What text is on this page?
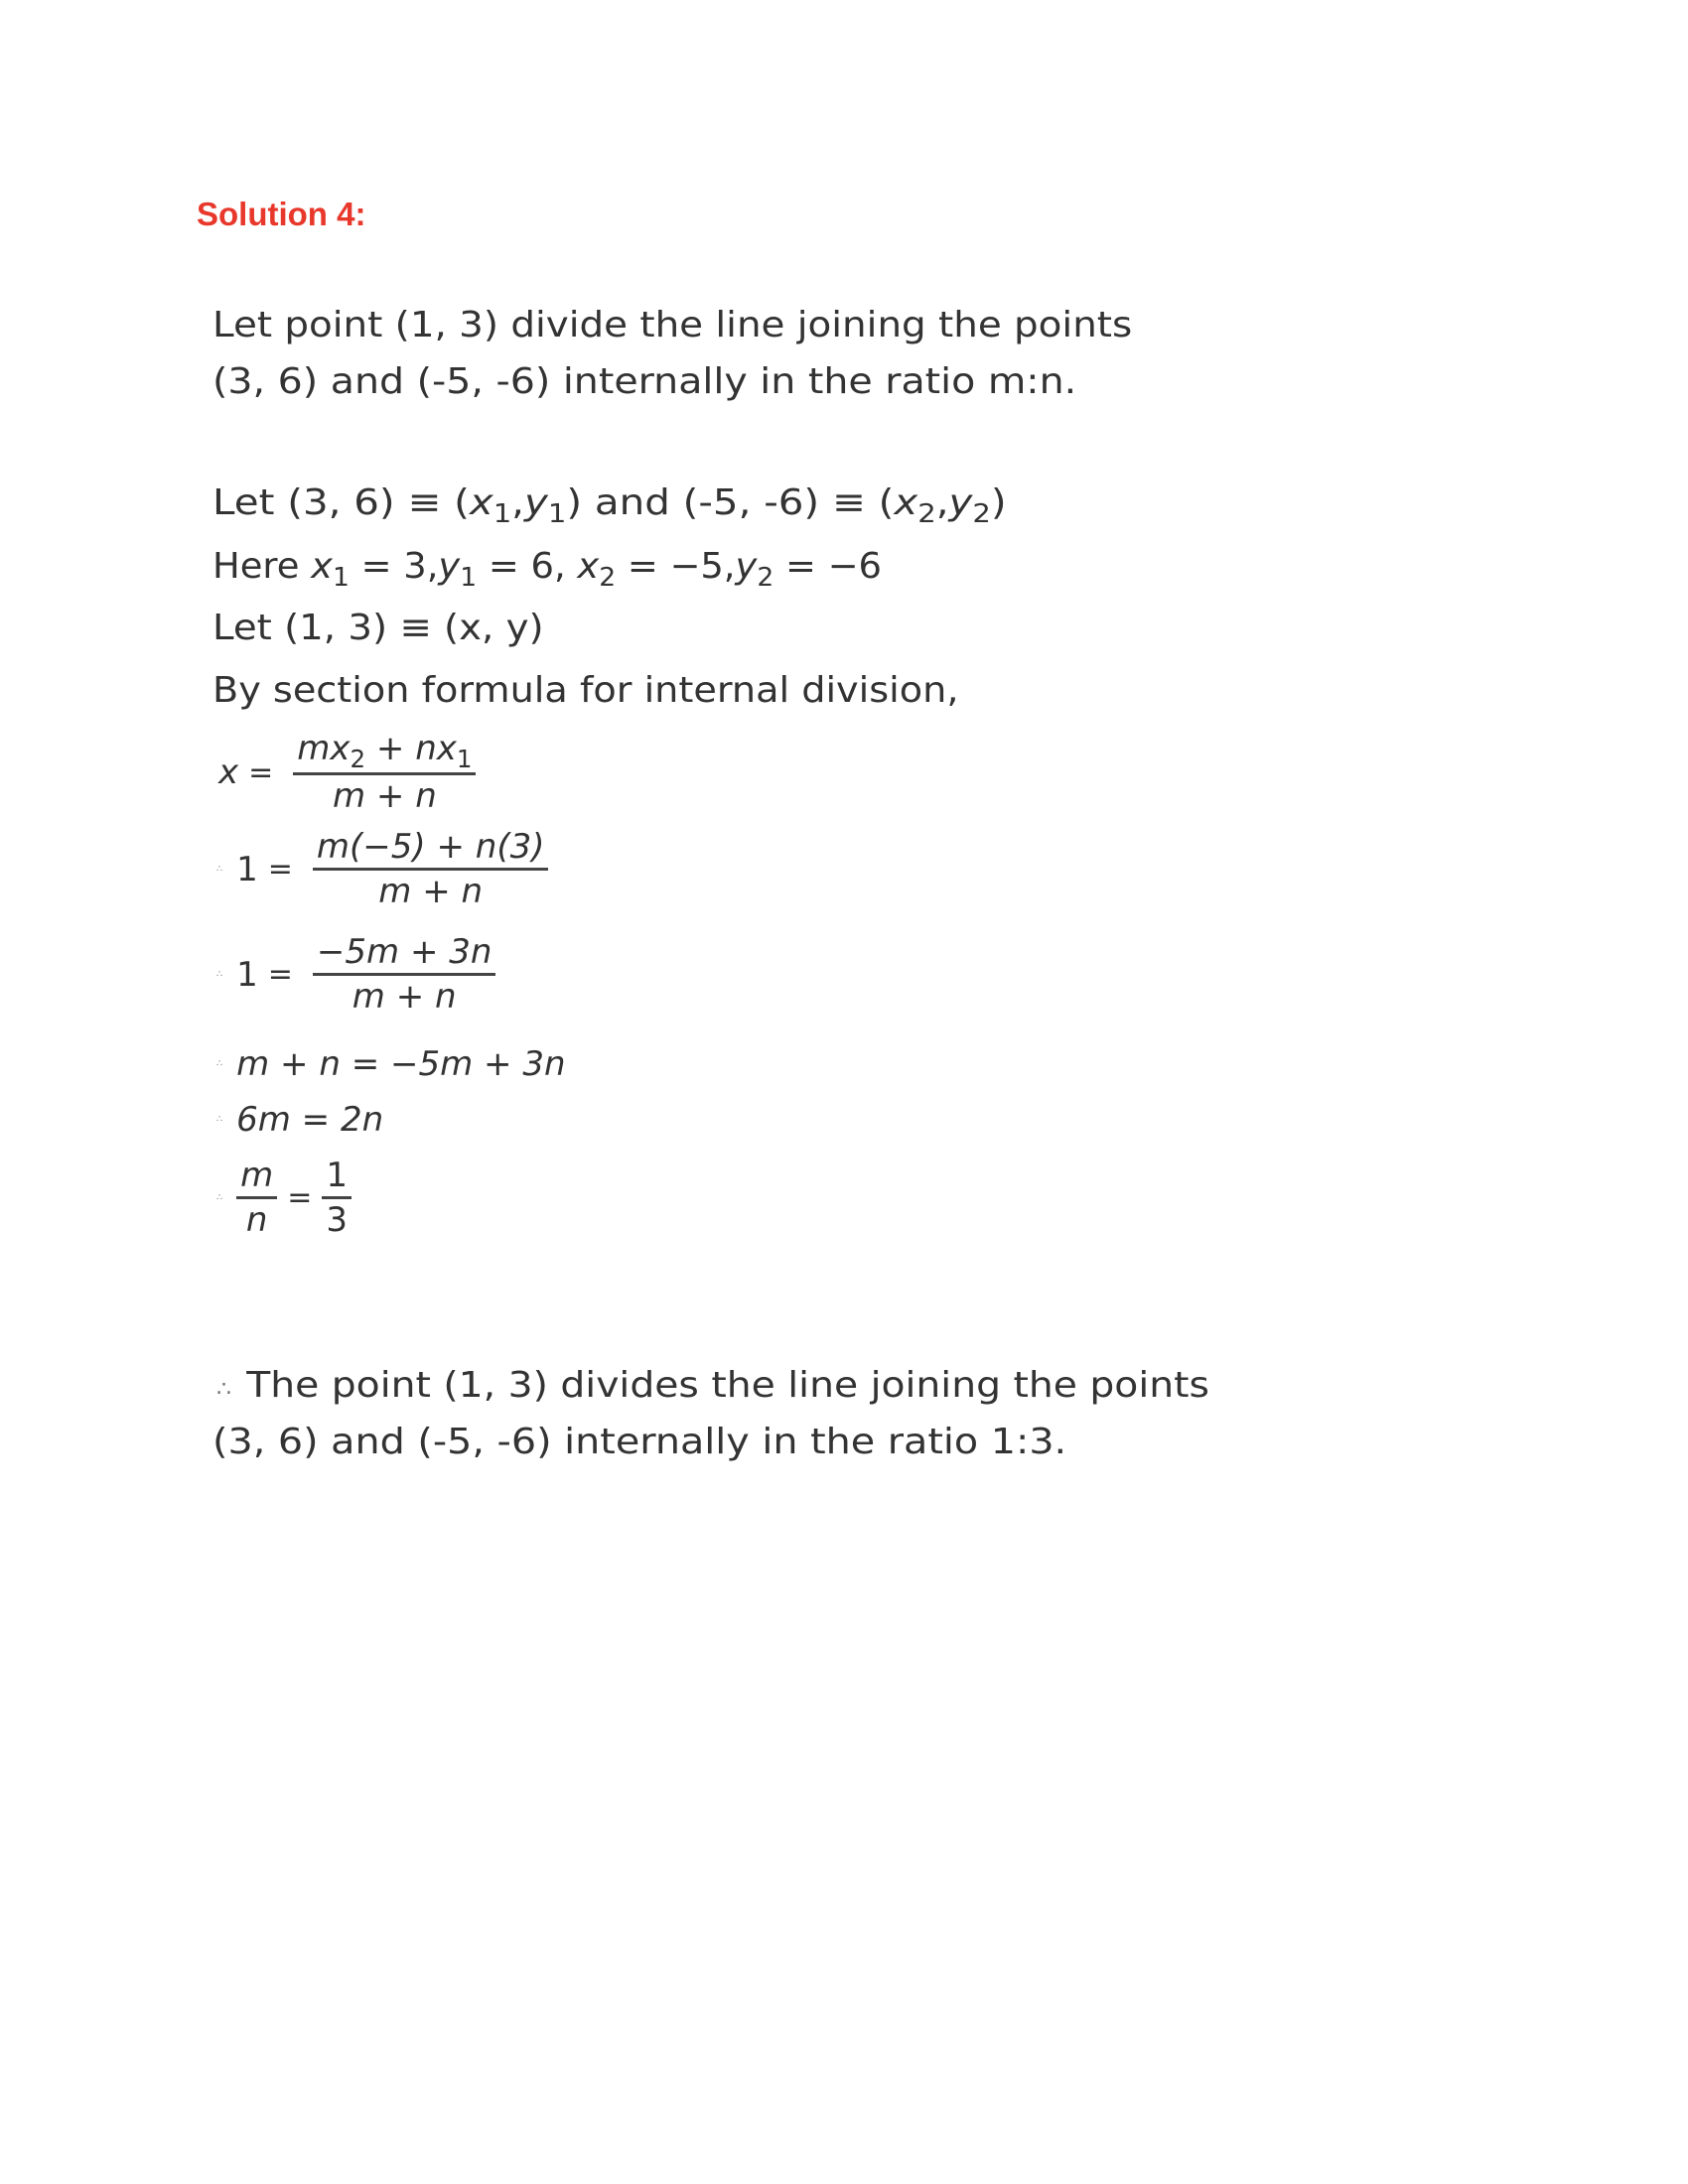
Solution 4:
Let point (1, 3) divide the line joining the points
(3, 6) and (-5, -6) internally in the ratio m:n.
Let (3, $6) \equiv (x_1,y_1)$ and (-5, $-6) \equiv (x_2,y_2)$
Here $x_1 = 3,y_1 = 6$, $x_2 = -5,y_2 = -6$
Let (1, 3) ≡ (x, y)
By section formula for internal division,
$x = \frac{mx_2 + nx_1}{m + n}$
∴ $1 = \frac{m(-5) + n(3)}{m + n}$
∴ $1 = \frac{-5m + 3n}{m + n}$
∴ m + n = −5m + 3n
∴ 6m = 2n
∴ $\frac{m}{n} = \frac{1}{3}$
∴ The point (1, 3) divides the line joining the points
(3, 6) and (-5, -6) internally in the ratio 1:3.
